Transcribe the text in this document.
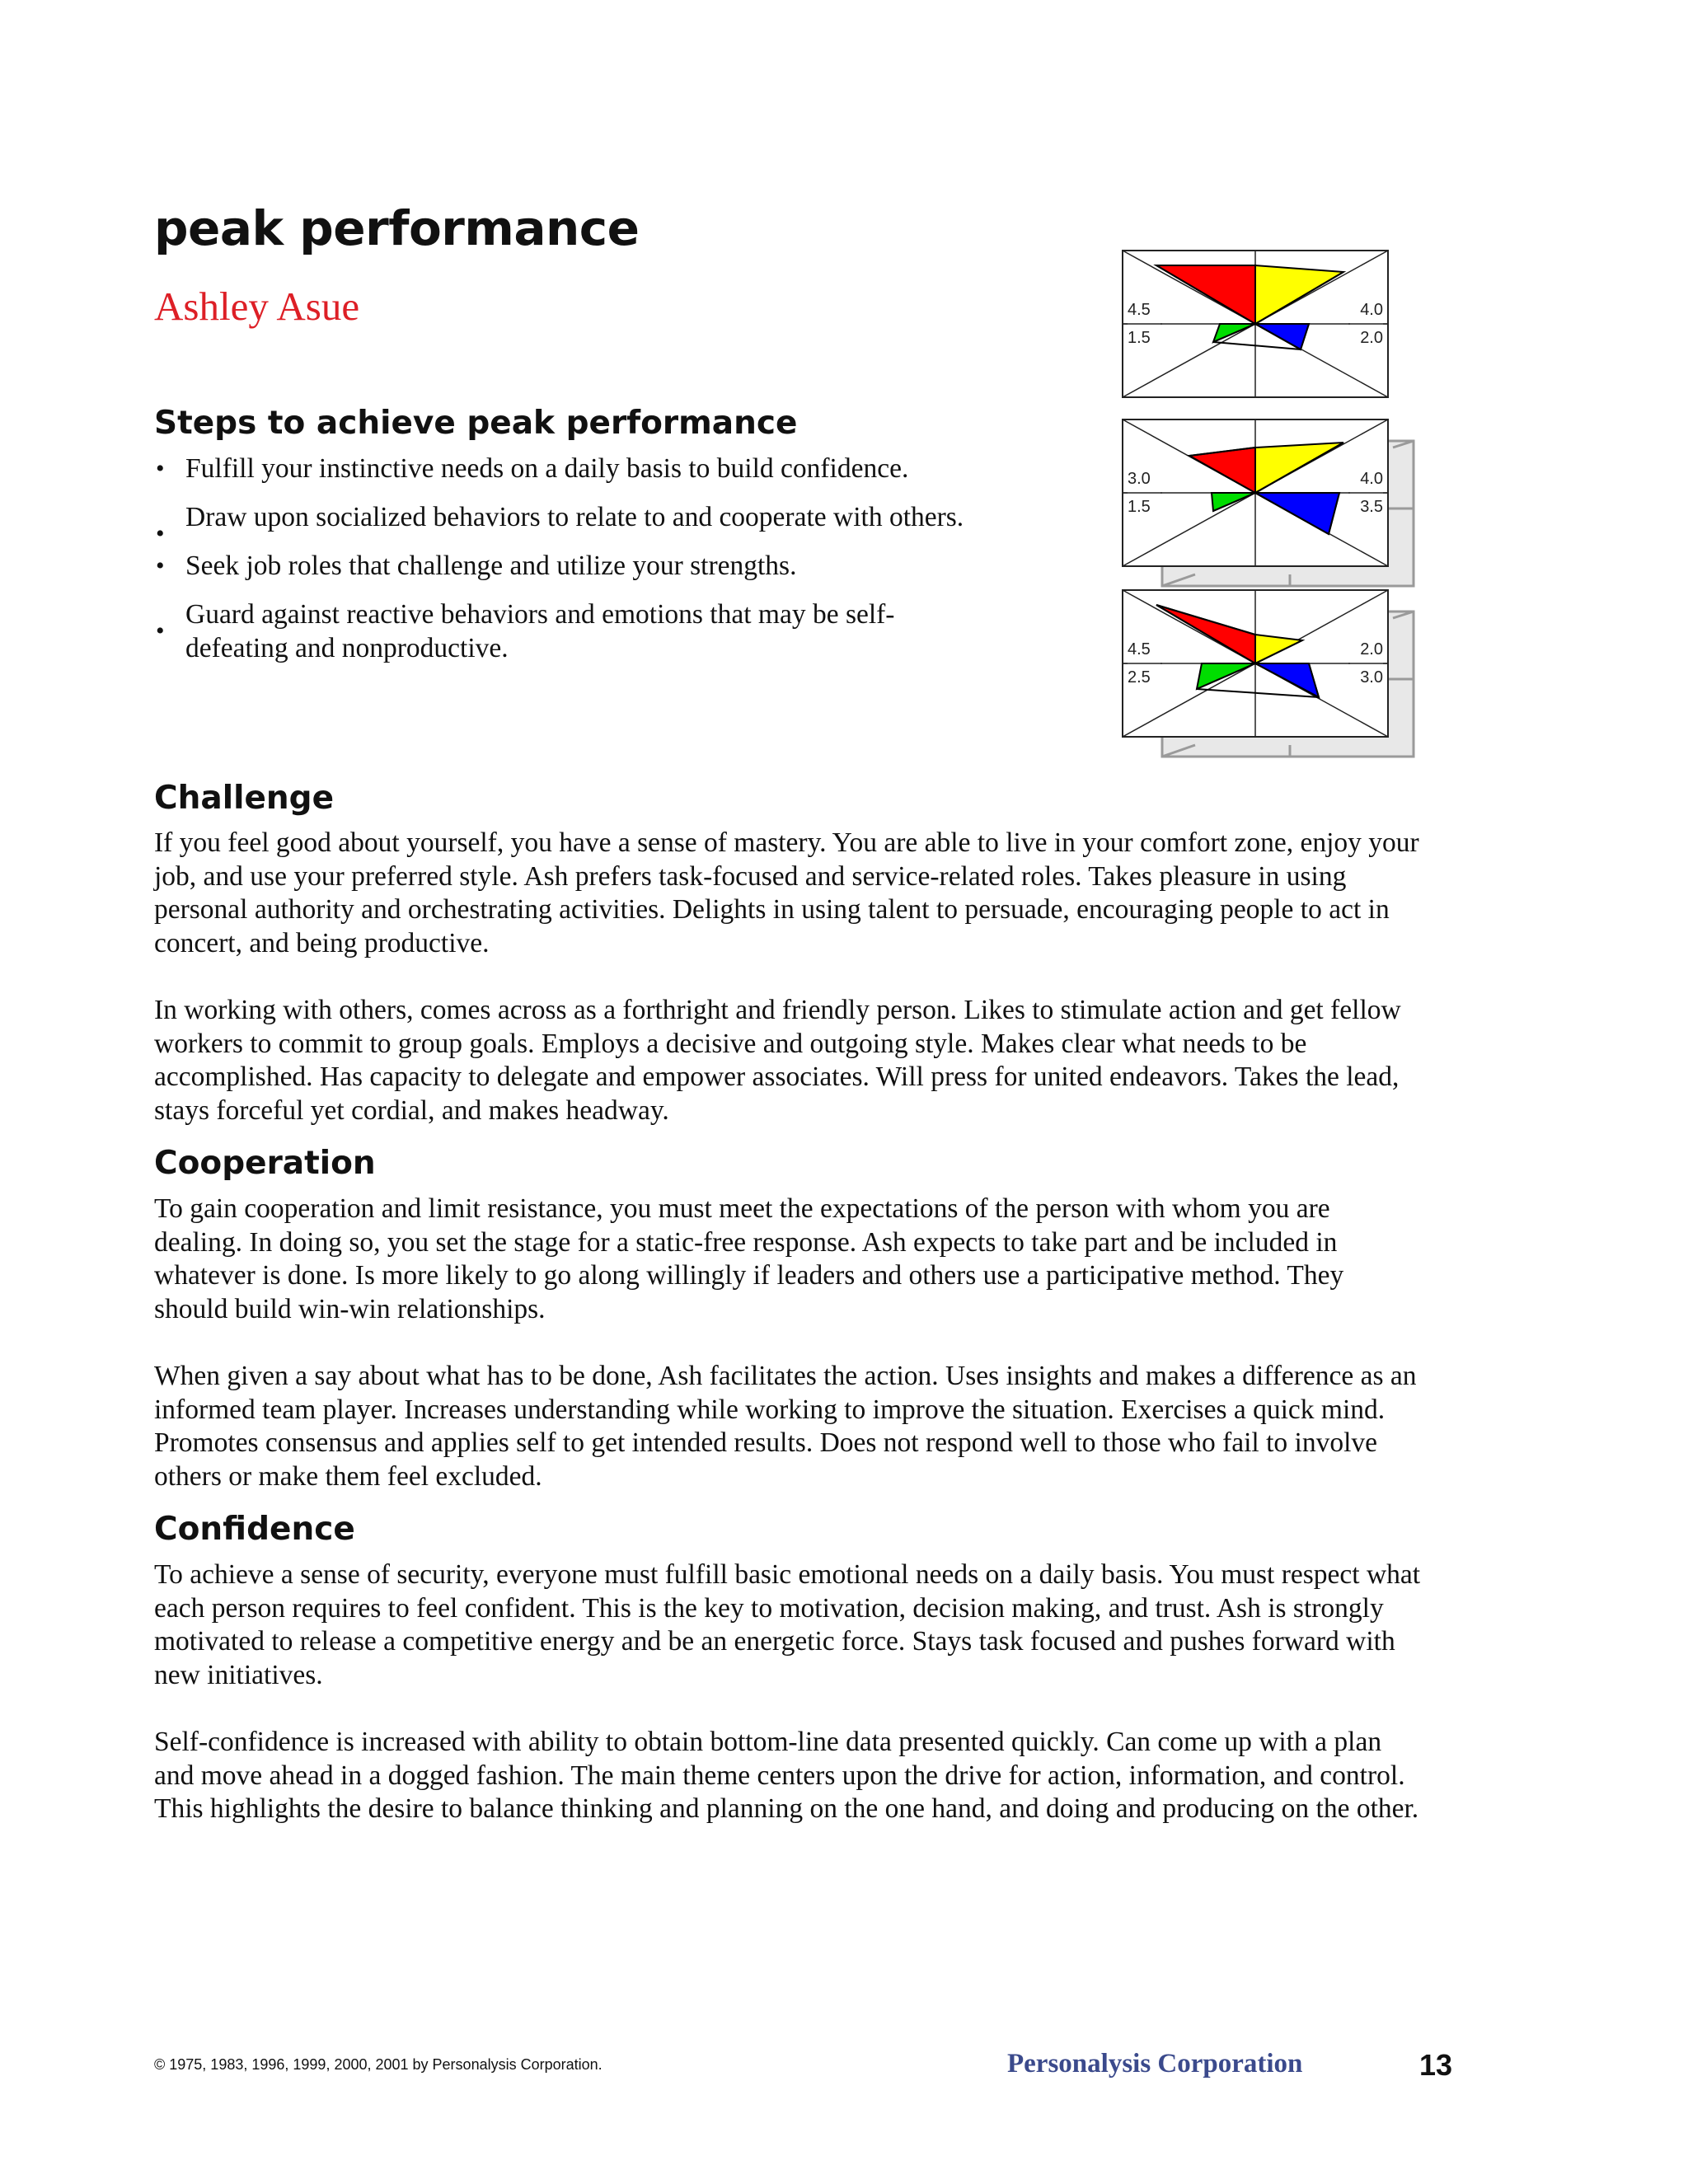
peak performance
Ashley Asue
Steps to achieve peak performance
• Fulfill your instinctive needs on a daily basis to build confidence.
•
Draw upon socialized behaviors to relate to and cooperate with others.
• Seek job roles that challenge and utilize your strengths.
•
Guard against reactive behaviors and emotions that may be self-defeating and nonproductive.
4.5
1.5
4.0
2.0
3.0
1.5
4.0
3.5
4.5
2.5
2.0
3.0
Challenge

If you feel good about yourself, you have a sense of mastery. You are able to live in your comfort zone, enjoy your job, and use your preferred style. Ash prefers task-focused and service-related roles. Takes pleasure in using personal authority and orchestrating activities. Delights in using talent to persuade, encouraging people to act in concert, and being productive.

In working with others, comes across as a forthright and friendly person. Likes to stimulate action and get fellow workers to commit to group goals. Employs a decisive and outgoing style. Makes clear what needs to be accomplished. Has capacity to delegate and empower associates. Will press for united endeavors. Takes the lead, stays forceful yet cordial, and makes headway.

Cooperation

To gain cooperation and limit resistance, you must meet the expectations of the person with whom you are dealing. In doing so, you set the stage for a static-free response. Ash expects to take part and be included in whatever is done. Is more likely to go along willingly if leaders and others use a participative method. They should build win-win relationships.

When given a say about what has to be done, Ash facilitates the action. Uses insights and makes a difference as an informed team player. Increases understanding while working to improve the situation. Exercises a quick mind. Promotes consensus and applies self to get intended results. Does not respond well to those who fail to involve others or make them feel excluded.

Confidence

To achieve a sense of security, everyone must fulfill basic emotional needs on a daily basis. You must respect what each person requires to feel confident. This is the key to motivation, decision making, and trust. Ash is strongly motivated to release a competitive energy and be an energetic force. Stays task focused and pushes forward with new initiatives.

Self-confidence is increased with ability to obtain bottom-line data presented quickly. Can come up with a plan and move ahead in a dogged fashion. The main theme centers upon the drive for action, information, and control. This highlights the desire to balance thinking and planning on the one hand, and doing and producing on the other.

© 1975, 1983, 1996, 1999, 2000, 2001 by Personalysis Corporation.	Personalysis Corporation	13
